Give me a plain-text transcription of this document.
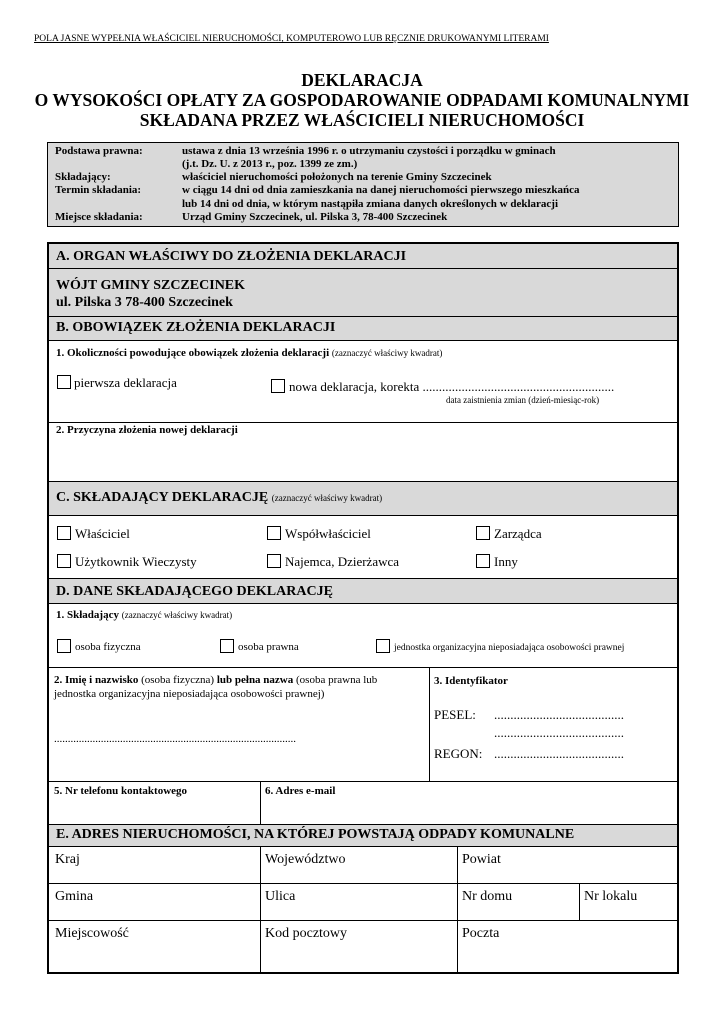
POLA JASNE WYPEŁNIA WŁAŚCICIEL NIERUCHOMOŚCI, KOMPUTEROWO LUB RĘCZNIE DRUKOWANYMI LITERAMI
DEKLARACJA
O WYSOKOŚCI OPŁATY ZA GOSPODAROWANIE ODPADAMI KOMUNALNYMI
SKŁADANA PRZEZ WŁAŚCICIELI NIERUCHOMOŚCI
Podstawa prawna:	ustawa z dnia 13 września 1996 r. o utrzymaniu czystości i porządku w gminach
(j.t. Dz. U. z 2013 r., poz. 1399 ze zm.)
Składający:	właściciel nieruchomości położonych na terenie Gminy Szczecinek
Termin składania:	w ciągu 14 dni od dnia zamieszkania na danej nieruchomości pierwszego mieszkańca
lub 14 dni od dnia, w którym nastąpiła zmiana danych określonych w deklaracji
Miejsce składania:	Urząd Gminy Szczecinek, ul. Pilska 3, 78-400 Szczecinek
A. ORGAN WŁAŚCIWY DO ZŁOŻENIA DEKLARACJI
WÓJT GMINY SZCZECINEK
ul. Pilska 3 78-400 Szczecinek
B. OBOWIĄZEK ZŁOŻENIA DEKLARACJI
1. Okoliczności powodujące obowiązek złożenia deklaracji (zaznaczyć właściwy kwadrat)
pierwsza deklaracja	nowa deklaracja, korekta ...........................................................
data zaistnienia zmian (dzień-miesiąc-rok)
2. Przyczyna złożenia nowej deklaracji
C. SKŁADAJĄCY DEKLARACJĘ (zaznaczyć właściwy kwadrat)
Właściciel	Współwłaściciel	Zarządca
Użytkownik Wieczysty	Najemca, Dzierżawca	Inny
D. DANE SKŁADAJĄCEGO DEKLARACJĘ
1. Składający (zaznaczyć właściwy kwadrat)
osoba fizyczna	osoba prawna	jednostka organizacyjna nieposiadająca osobowości prawnej
2. Imię i nazwisko (osoba fizyczna) lub pełna nazwa (osoba prawna lub
jednostka organizacyjna nieposiadająca osobowości prawnej)
........................................................................................
3. Identyfikator
PESEL: ........................................
........................................
REGON: ........................................
5. Nr telefonu kontaktowego	6. Adres e-mail
E. ADRES NIERUCHOMOŚCI, NA KTÓREJ POWSTAJĄ ODPADY KOMUNALNE
Kraj	Województwo	Powiat
Gmina	Ulica	Nr domu	Nr lokalu
Miejscowość	Kod pocztowy	Poczta
